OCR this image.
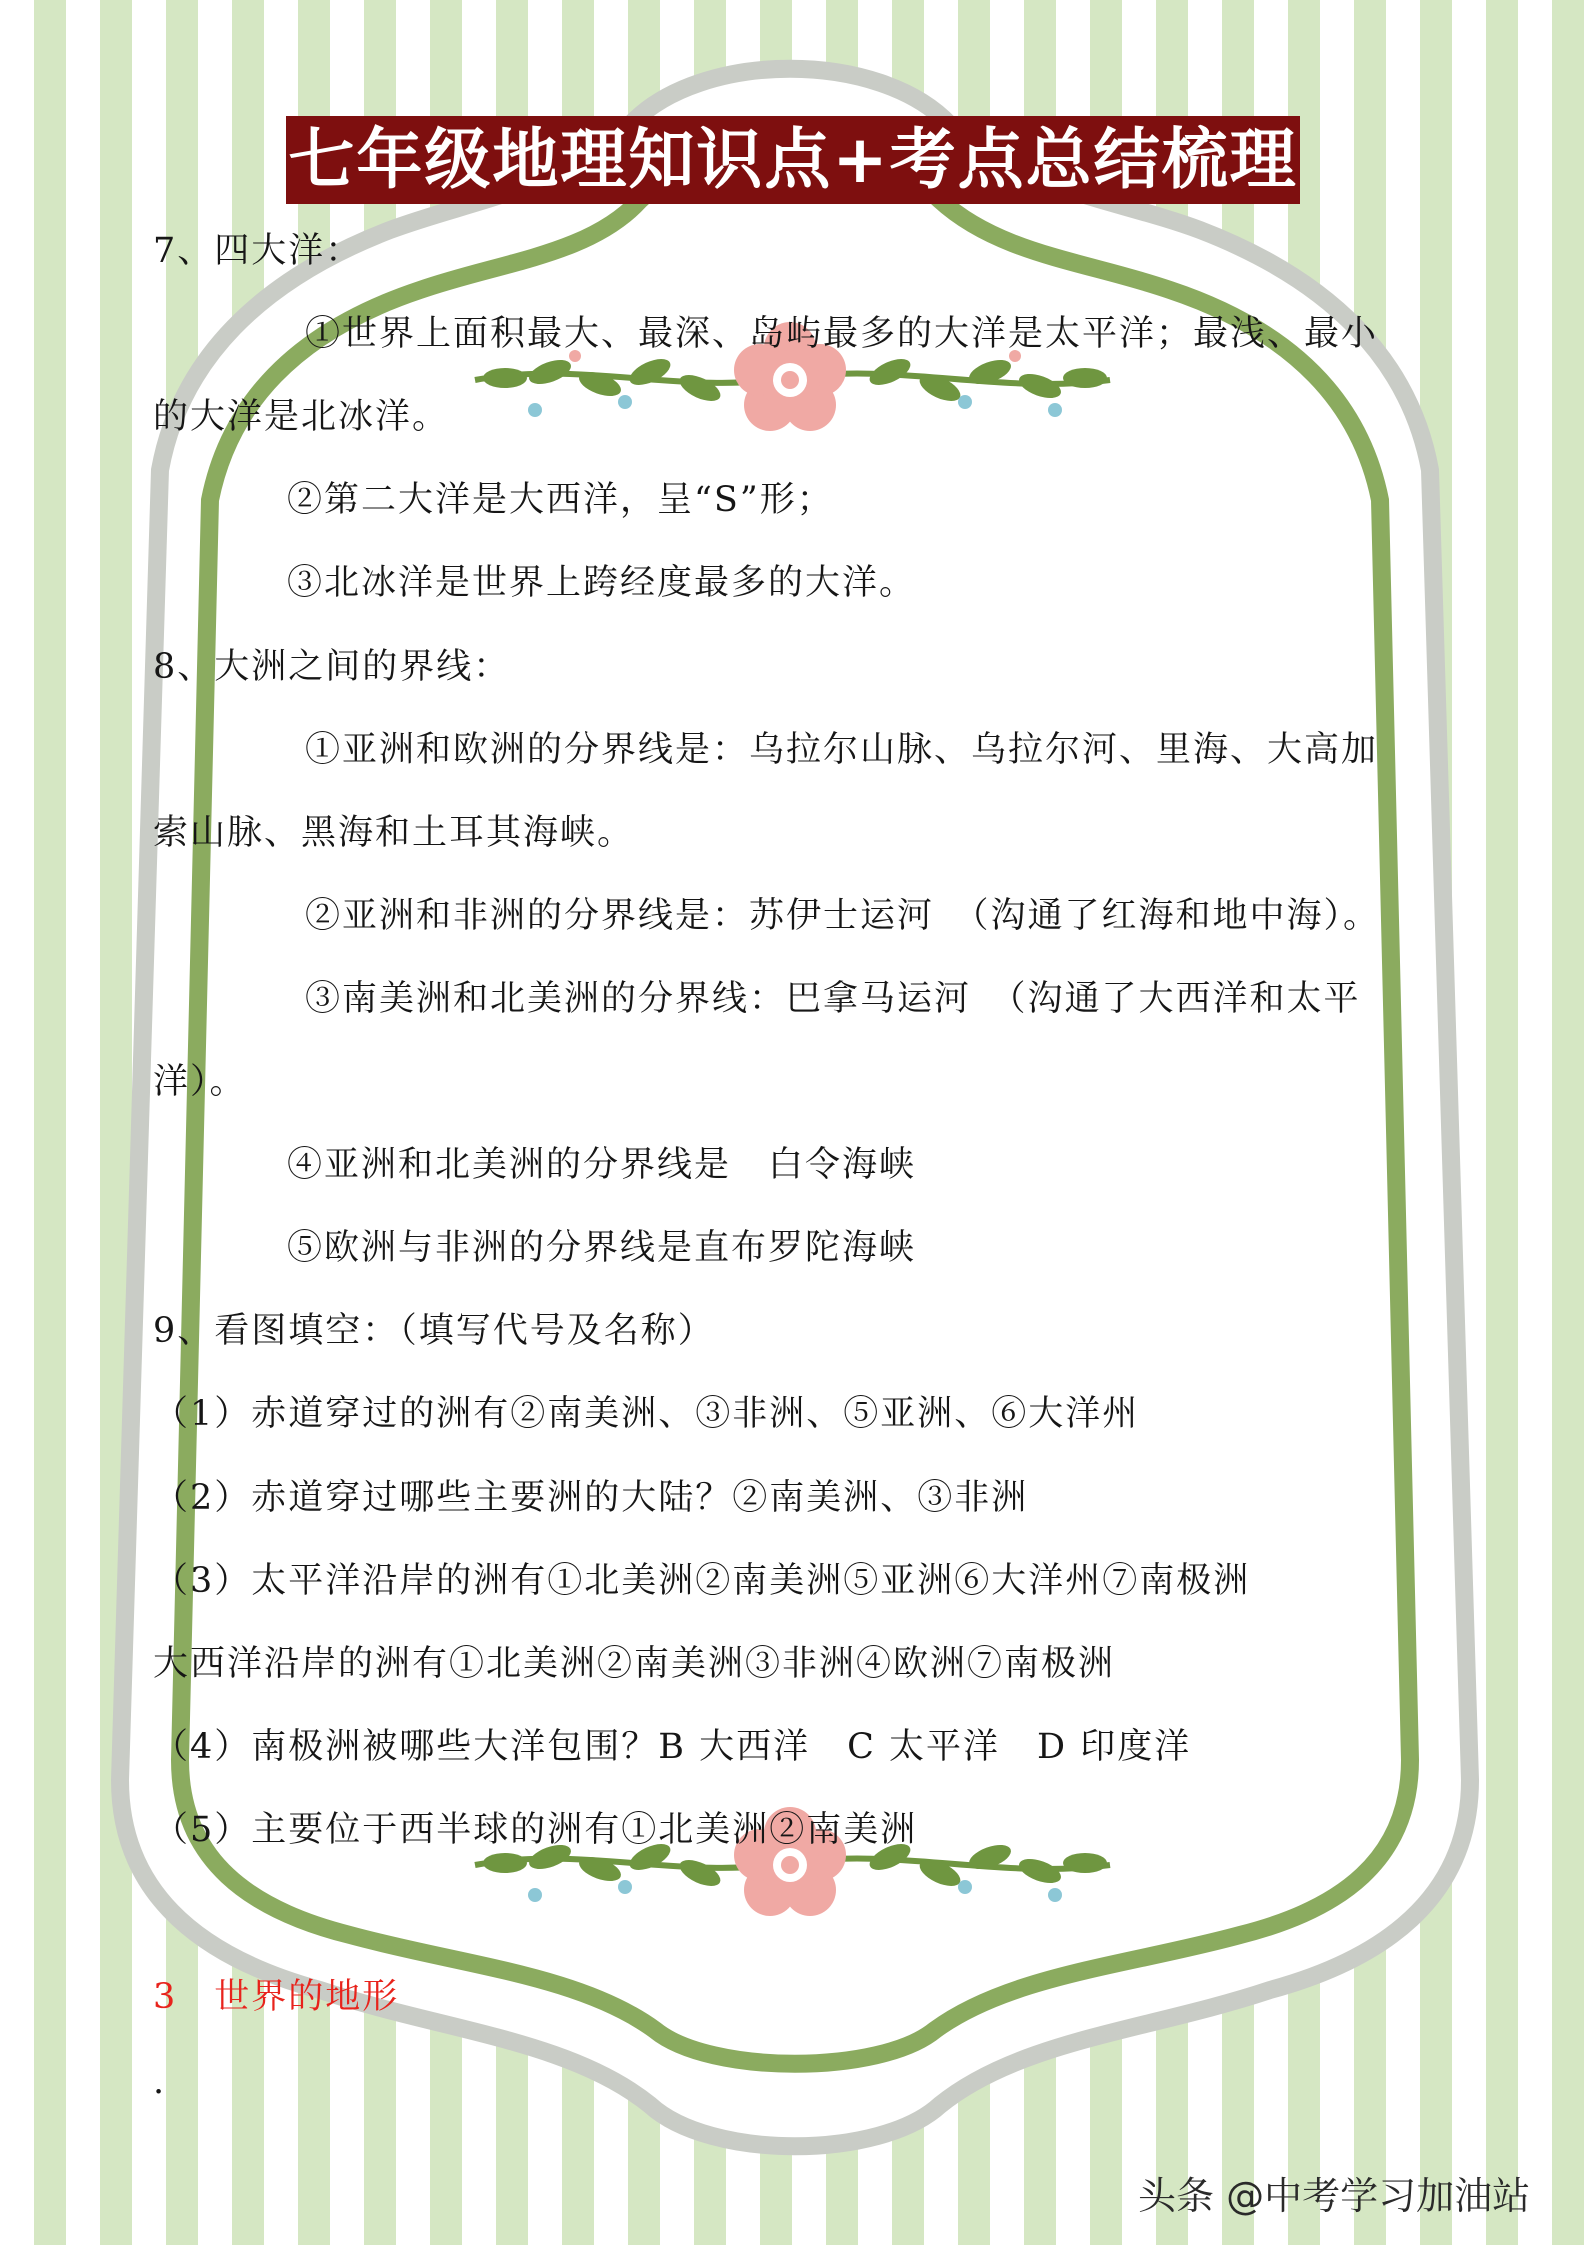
七年级地理知识点+考点总结梳理
7、四大洋：
①世界上面积最大、最深、岛屿最多的大洋是太平洋；最浅、最小
的大洋是北冰洋。
②第二大洋是大西洋，呈“S”形；
③北冰洋是世界上跨经度最多的大洋。
8、大洲之间的界线：
①亚洲和欧洲的分界线是：乌拉尔山脉、乌拉尔河、里海、大高加
索山脉、黑海和土耳其海峡。
②亚洲和非洲的分界线是：苏伊士运河　（沟通了红海和地中海）。
③南美洲和北美洲的分界线：巴拿马运河　（沟通了大西洋和太平
洋）。
④亚洲和北美洲的分界线是　白令海峡
⑤欧洲与非洲的分界线是直布罗陀海峡
9、看图填空：（填写代号及名称）
（1）赤道穿过的洲有②南美洲、③非洲、⑤亚洲、⑥大洋州
（2）赤道穿过哪些主要洲的大陆？②南美洲、③非洲
（3）太平洋沿岸的洲有①北美洲②南美洲⑤亚洲⑥大洋州⑦南极洲
大西洋沿岸的洲有①北美洲②南美洲③非洲④欧洲⑦南极洲
（4）南极洲被哪些大洋包围？B 大西洋　C 太平洋　D 印度洋
（5）主要位于西半球的洲有①北美洲②南美洲
3　世界的地形
.
头条 @中考学习加油站
